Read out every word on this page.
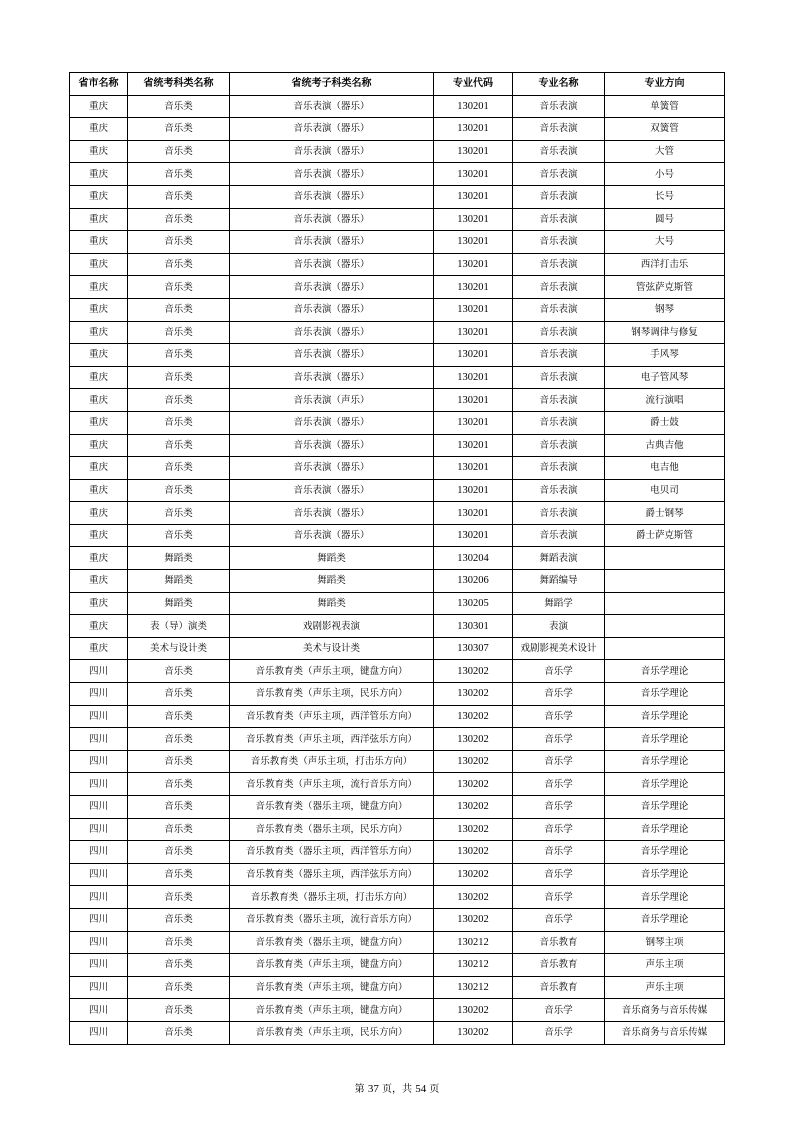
省市名称	省统考科类名称	省统考子科类名称	专业代码	专业名称	专业方向
重庆	音乐类	音乐表演（器乐）	130201	音乐表演	单簧管
重庆	音乐类	音乐表演（器乐）	130201	音乐表演	双簧管
重庆	音乐类	音乐表演（器乐）	130201	音乐表演	大管
重庆	音乐类	音乐表演（器乐）	130201	音乐表演	小号
重庆	音乐类	音乐表演（器乐）	130201	音乐表演	长号
重庆	音乐类	音乐表演（器乐）	130201	音乐表演	圆号
重庆	音乐类	音乐表演（器乐）	130201	音乐表演	大号
重庆	音乐类	音乐表演（器乐）	130201	音乐表演	西洋打击乐
重庆	音乐类	音乐表演（器乐）	130201	音乐表演	管弦萨克斯管
重庆	音乐类	音乐表演（器乐）	130201	音乐表演	钢琴
重庆	音乐类	音乐表演（器乐）	130201	音乐表演	钢琴调律与修复
重庆	音乐类	音乐表演（器乐）	130201	音乐表演	手风琴
重庆	音乐类	音乐表演（器乐）	130201	音乐表演	电子管风琴
重庆	音乐类	音乐表演（声乐）	130201	音乐表演	流行演唱
重庆	音乐类	音乐表演（器乐）	130201	音乐表演	爵士鼓
重庆	音乐类	音乐表演（器乐）	130201	音乐表演	古典吉他
重庆	音乐类	音乐表演（器乐）	130201	音乐表演	电吉他
重庆	音乐类	音乐表演（器乐）	130201	音乐表演	电贝司
重庆	音乐类	音乐表演（器乐）	130201	音乐表演	爵士钢琴
重庆	音乐类	音乐表演（器乐）	130201	音乐表演	爵士萨克斯管
重庆	舞蹈类	舞蹈类	130204	舞蹈表演	
重庆	舞蹈类	舞蹈类	130206	舞蹈编导	
重庆	舞蹈类	舞蹈类	130205	舞蹈学	
重庆	表（导）演类	戏剧影视表演	130301	表演	
重庆	美术与设计类	美术与设计类	130307	戏剧影视美术设计	
四川	音乐类	音乐教育类（声乐主项，键盘方向）	130202	音乐学	音乐学理论
四川	音乐类	音乐教育类（声乐主项，民乐方向）	130202	音乐学	音乐学理论
四川	音乐类	音乐教育类（声乐主项，西洋管乐方向）	130202	音乐学	音乐学理论
四川	音乐类	音乐教育类（声乐主项，西洋弦乐方向）	130202	音乐学	音乐学理论
四川	音乐类	音乐教育类（声乐主项，打击乐方向）	130202	音乐学	音乐学理论
四川	音乐类	音乐教育类（声乐主项，流行音乐方向）	130202	音乐学	音乐学理论
四川	音乐类	音乐教育类（器乐主项，键盘方向）	130202	音乐学	音乐学理论
四川	音乐类	音乐教育类（器乐主项，民乐方向）	130202	音乐学	音乐学理论
四川	音乐类	音乐教育类（器乐主项，西洋管乐方向）	130202	音乐学	音乐学理论
四川	音乐类	音乐教育类（器乐主项，西洋弦乐方向）	130202	音乐学	音乐学理论
四川	音乐类	音乐教育类（器乐主项，打击乐方向）	130202	音乐学	音乐学理论
四川	音乐类	音乐教育类（器乐主项，流行音乐方向）	130202	音乐学	音乐学理论
四川	音乐类	音乐教育类（器乐主项，键盘方向）	130212	音乐教育	钢琴主项
四川	音乐类	音乐教育类（声乐主项，键盘方向）	130212	音乐教育	声乐主项
四川	音乐类	音乐教育类（声乐主项，键盘方向）	130212	音乐教育	声乐主项
四川	音乐类	音乐教育类（声乐主项，键盘方向）	130202	音乐学	音乐商务与音乐传媒
四川	音乐类	音乐教育类（声乐主项，民乐方向）	130202	音乐学	音乐商务与音乐传媒
第 37 页，共 54 页
